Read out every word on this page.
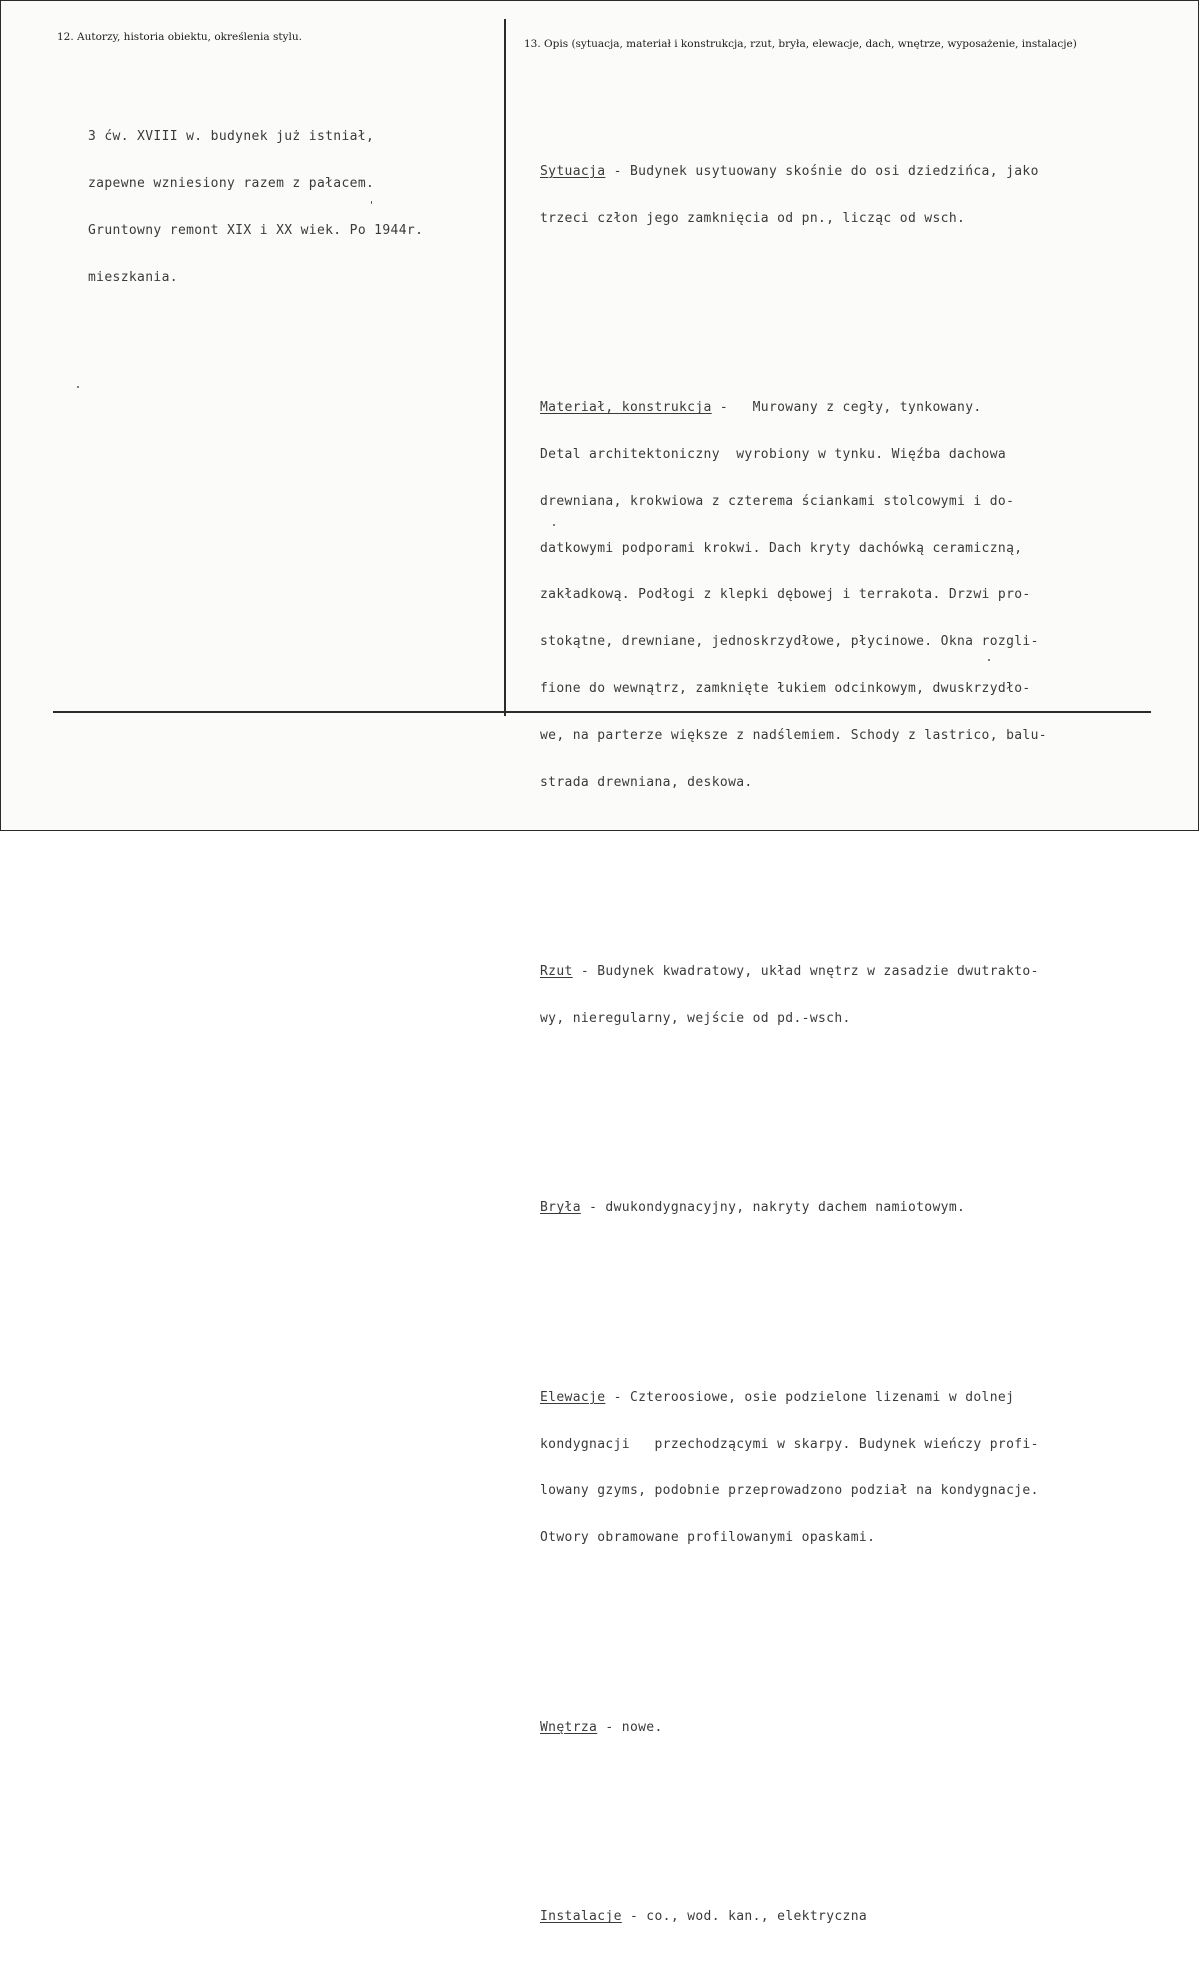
12. Autorzy, historia obiektu, określenia stylu.
13. Opis (sytuacja, materiał i konstrukcja, rzut, bryła, elewacje, dach, wnętrze, wyposażenie, instalacje)

3 ćw. XVIII w. budynek już istniał,

zapewne wzniesiony razem z pałacem.

Gruntowny remont XIX i XX wiek. Po 1944r.

mieszkania.

Sytuacja - Budynek usytuowany skośnie do osi dziedzińca, jako

trzeci człon jego zamknięcia od pn., licząc od wsch.

Materiał, konstrukcja -   Murowany z cegły, tynkowany.

Detal architektoniczny  wyrobiony w tynku. Więźba dachowa

drewniana, krokwiowa z czterema ściankami stolcowymi i do-

datkowymi podporami krokwi. Dach kryty dachówką ceramiczną,

zakładkową. Podłogi z klepki dębowej i terrakota. Drzwi pro-

stokątne, drewniane, jednoskrzydłowe, płycinowe. Okna rozgli-

fione do wewnątrz, zamknięte łukiem odcinkowym, dwuskrzydło-

we, na parterze większe z nadślemiem. Schody z lastrico, balu-

strada drewniana, deskowa.

Rzut - Budynek kwadratowy, układ wnętrz w zasadzie dwutrakto-

wy, nieregularny, wejście od pd.-wsch.

Bryła - dwukondygnacyjny, nakryty dachem namiotowym.

Elewacje - Czteroosiowe, osie podzielone lizenami w dolnej

kondygnacji   przechodzącymi w skarpy. Budynek wieńczy profi-

lowany gzyms, podobnie przeprowadzono podział na kondygnacje.

Otwory obramowane profilowanymi opaskami.

Wnętrza - nowe.

Instalacje - co., wod. kan., elektryczna
